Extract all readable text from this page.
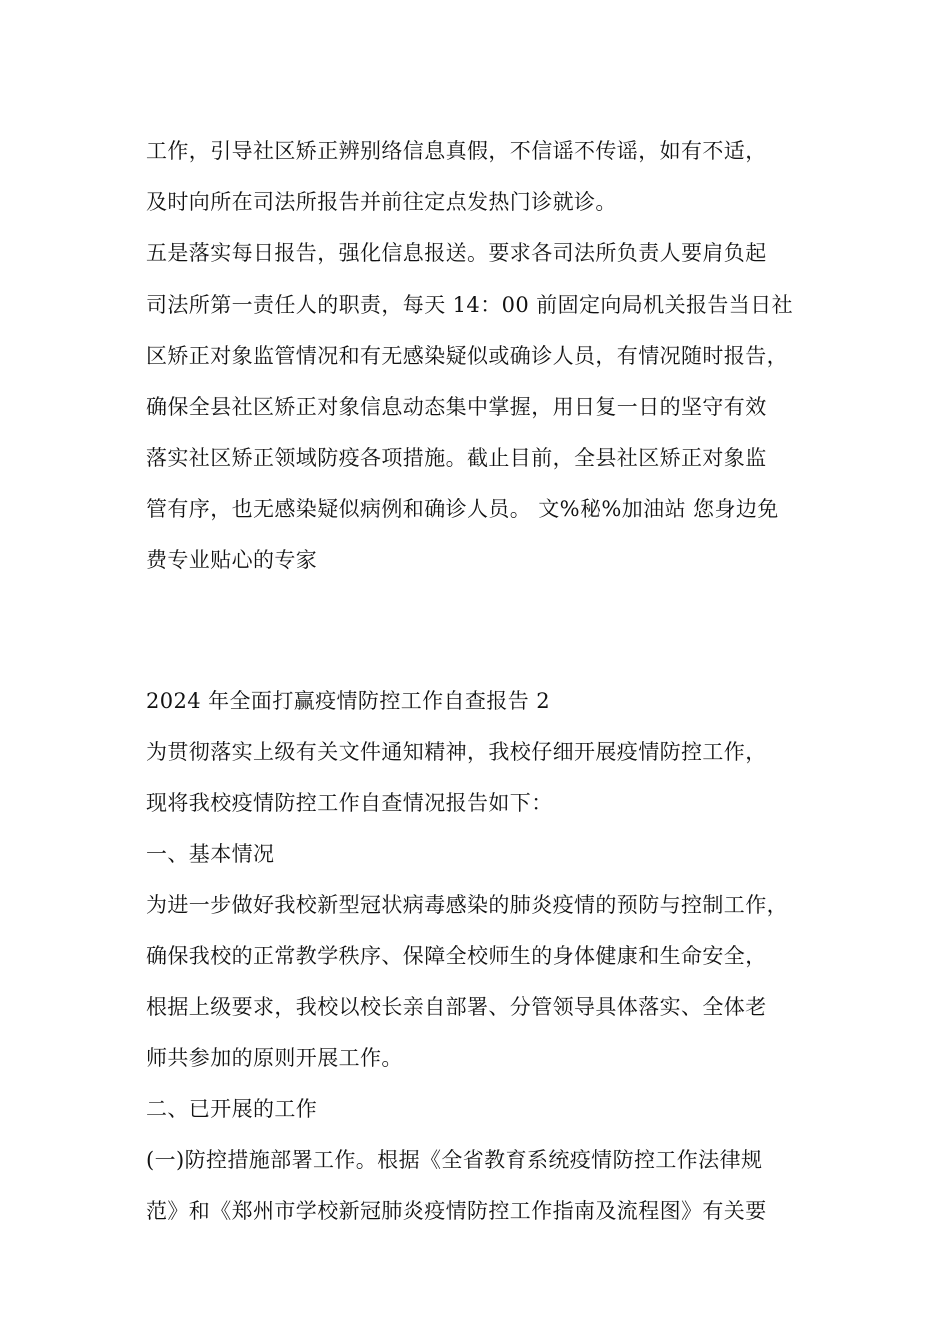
工作，引导社区矫正辨别络信息真假，不信谣不传谣，如有不适，
及时向所在司法所报告并前往定点发热门诊就诊。
五是落实每日报告，强化信息报送。要求各司法所负责人要肩负起
司法所第一责任人的职责，每天 14：00 前固定向局机关报告当日社
区矫正对象监管情况和有无感染疑似或确诊人员，有情况随时报告，
确保全县社区矫正对象信息动态集中掌握，用日复一日的坚守有效
落实社区矫正领域防疫各项措施。截止目前，全县社区矫正对象监
管有序，也无感染疑似病例和确诊人员。 文%秘%加油站 您身边免
费专业贴心的专家
2024 年全面打赢疫情防控工作自查报告 2
为贯彻落实上级有关文件通知精神，我校仔细开展疫情防控工作，
现将我校疫情防控工作自查情况报告如下：
一、基本情况
为进一步做好我校新型冠状病毒感染的肺炎疫情的预防与控制工作，
确保我校的正常教学秩序、保障全校师生的身体健康和生命安全，
根据上级要求，我校以校长亲自部署、分管领导具体落实、全体老
师共参加的原则开展工作。
二、已开展的工作
(一)防控措施部署工作。根据《全省教育系统疫情防控工作法律规
范》和《郑州市学校新冠肺炎疫情防控工作指南及流程图》有关要
